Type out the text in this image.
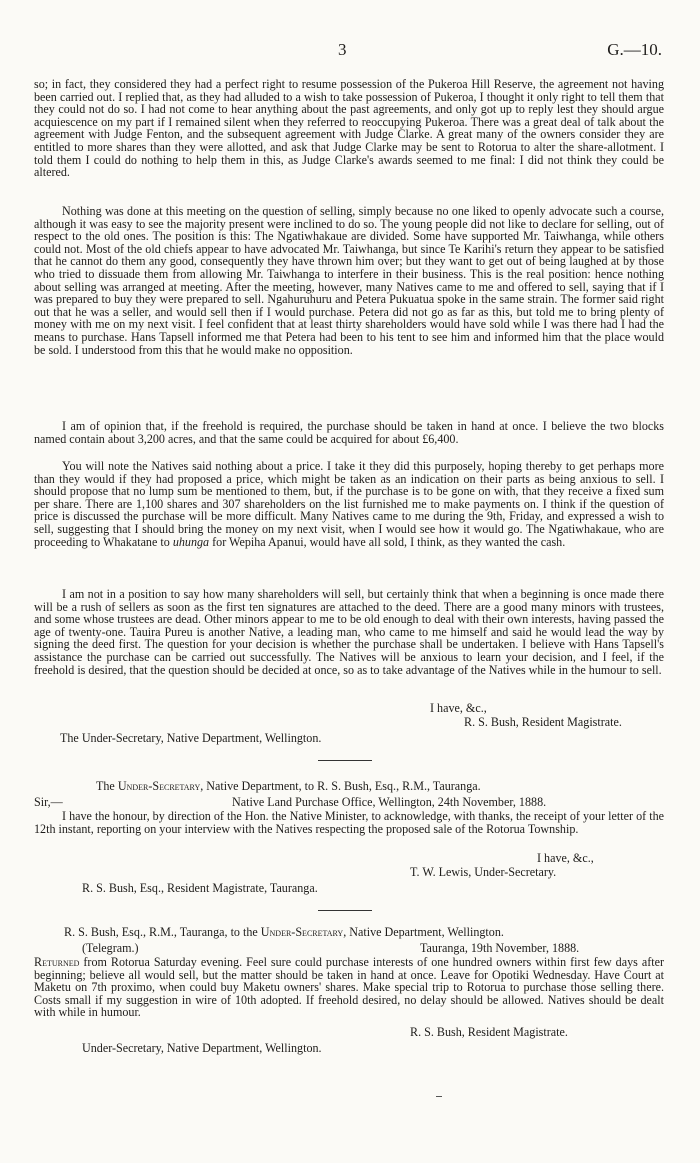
3	G.—10.

so; in fact, they considered they had a perfect right to resume possession of the Pukeroa Hill Reserve, the agreement not having been carried out. I replied that, as they had alluded to a wish to take possession of Pukeroa, I thought it only right to tell them that they could not do so. I had not come to hear anything about the past agreements, and only got up to reply lest they should argue acquiescence on my part if I remained silent when they referred to reoccupying Pukeroa. There was a great deal of talk about the agreement with Judge Fenton, and the subsequent agreement with Judge Clarke. A great many of the owners consider they are entitled to more shares than they were allotted, and ask that Judge Clarke may be sent to Rotorua to alter the share-allotment. I told them I could do nothing to help them in this, as Judge Clarke's awards seemed to me final: I did not think they could be altered.

Nothing was done at this meeting on the question of selling, simply because no one liked to openly advocate such a course, although it was easy to see the majority present were inclined to do so. The young people did not like to declare for selling, out of respect to the old ones. The position is this: The Ngatiwhakaue are divided. Some have supported Mr. Taiwhanga, while others could not. Most of the old chiefs appear to have advocated Mr. Taiwhanga, but since Te Karihi's return they appear to be satisfied that he cannot do them any good, consequently they have thrown him over; but they want to get out of being laughed at by those who tried to dissuade them from allowing Mr. Taiwhanga to interfere in their business. This is the real position: hence nothing about selling was arranged at meeting. After the meeting, however, many Natives came to me and offered to sell, saying that if I was prepared to buy they were prepared to sell. Ngahuruhuru and Petera Pukuatua spoke in the same strain. The former said right out that he was a seller, and would sell then if I would purchase. Petera did not go as far as this, but told me to bring plenty of money with me on my next visit. I feel confident that at least thirty shareholders would have sold while I was there had I had the means to purchase. Hans Tapsell informed me that Petera had been to his tent to see him and informed him that the place would be sold. I understood from this that he would make no opposition.

I am of opinion that, if the freehold is required, the purchase should be taken in hand at once. I believe the two blocks named contain about 3,200 acres, and that the same could be acquired for about £6,400.

You will note the Natives said nothing about a price. I take it they did this purposely, hoping thereby to get perhaps more than they would if they had proposed a price, which might be taken as an indication on their parts as being anxious to sell. I should propose that no lump sum be mentioned to them, but, if the purchase is to be gone on with, that they receive a fixed sum per share. There are 1,100 shares and 307 shareholders on the list furnished me to make payments on. I think if the question of price is discussed the purchase will be more difficult. Many Natives came to me during the 9th, Friday, and expressed a wish to sell, suggesting that I should bring the money on my next visit, when I would see how it would go. The Ngatiwhakaue, who are proceeding to Whakatane to uhunga for Wepiha Apanui, would have all sold, I think, as they wanted the cash.

I am not in a position to say how many shareholders will sell, but certainly think that when a beginning is once made there will be a rush of sellers as soon as the first ten signatures are attached to the deed. There are a good many minors with trustees, and some whose trustees are dead. Other minors appear to me to be old enough to deal with their own interests, having passed the age of twenty-one. Tauira Pureu is another Native, a leading man, who came to me himself and said he would lead the way by signing the deed first. The question for your decision is whether the purchase shall be undertaken. I believe with Hans Tapsell's assistance the purchase can be carried out successfully. The Natives will be anxious to learn your decision, and I feel, if the freehold is desired, that the question should be decided at once, so as to take advantage of the Natives while in the humour to sell.

I have, &c.,
R. S. Bush, Resident Magistrate.
The Under-Secretary, Native Department, Wellington.
The Under-Secretary, Native Department, to R. S. Bush, Esq., R.M., Tauranga.
Sir,—	Native Land Purchase Office, Wellington, 24th November, 1888.

I have the honour, by direction of the Hon. the Native Minister, to acknowledge, with thanks, the receipt of your letter of the 12th instant, reporting on your interview with the Natives respecting the proposed sale of the Rotorua Township.

I have, &c.,
T. W. Lewis, Under-Secretary.
R. S. Bush, Esq., Resident Magistrate, Tauranga.
R. S. Bush, Esq., R.M., Tauranga, to the Under-Secretary, Native Department, Wellington.
(Telegram.)	Tauranga, 19th November, 1888.

Returned from Rotorua Saturday evening. Feel sure could purchase interests of one hundred owners within first few days after beginning; believe all would sell, but the matter should be taken in hand at once. Leave for Opotiki Wednesday. Have Court at Maketu on 7th proximo, when could buy Maketu owners' shares. Make special trip to Rotorua to purchase those selling there. Costs small if my suggestion in wire of 10th adopted. If freehold desired, no delay should be allowed. Natives should be dealt with while in humour.

R. S. Bush, Resident Magistrate.
Under-Secretary, Native Department, Wellington.
